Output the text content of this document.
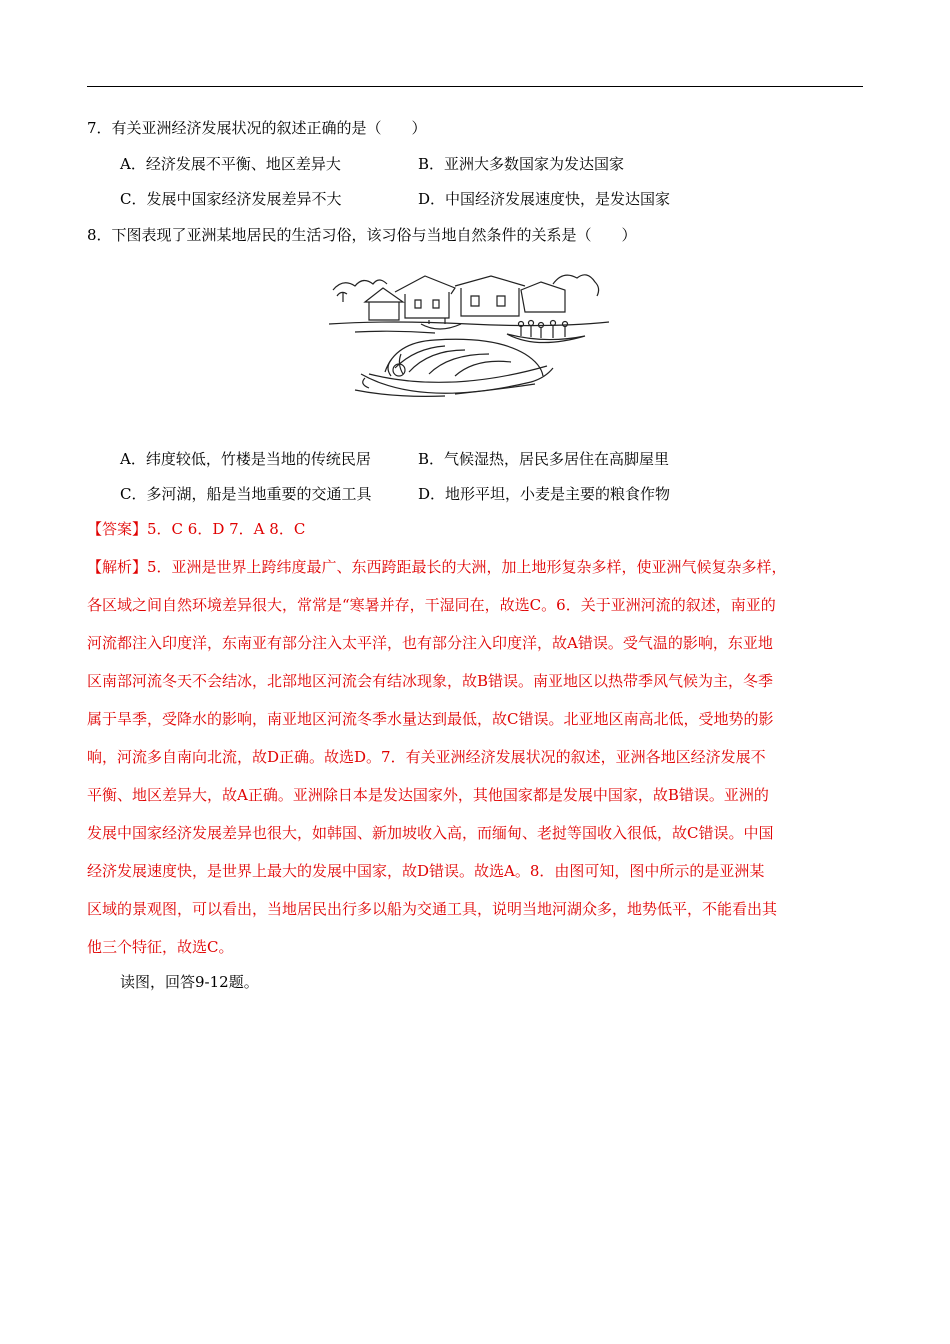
7．有关亚洲经济发展状况的叙述正确的是（　　）
A．经济发展不平衡、地区差异大	B．亚洲大多数国家为发达国家
C．发展中国家经济发展差异不大	D．中国经济发展速度快，是发达国家
8．下图表现了亚洲某地居民的生活习俗，该习俗与当地自然条件的关系是（　　）
A．纬度较低，竹楼是当地的传统民居	B．气候湿热，居民多居住在高脚屋里
C．多河湖，船是当地重要的交通工具	D．地形平坦，小麦是主要的粮食作物
【答案】5．C 6．D 7．A 8．C
【解析】5．亚洲是世界上跨纬度最广、东西跨距最长的大洲，加上地形复杂多样，使亚洲气候复杂多样，
各区域之间自然环境差异很大，常常是“寒暑并存，干湿同在，故选C。6．关于亚洲河流的叙述，南亚的
河流都注入印度洋，东南亚有部分注入太平洋，也有部分注入印度洋，故A错误。受气温的影响，东亚地
区南部河流冬天不会结冰，北部地区河流会有结冰现象，故B错误。南亚地区以热带季风气候为主，冬季
属于旱季，受降水的影响，南亚地区河流冬季水量达到最低，故C错误。北亚地区南高北低，受地势的影
响，河流多自南向北流，故D正确。故选D。7．有关亚洲经济发展状况的叙述，亚洲各地区经济发展不
平衡、地区差异大，故A正确。亚洲除日本是发达国家外，其他国家都是发展中国家，故B错误。亚洲的
发展中国家经济发展差异也很大，如韩国、新加坡收入高，而缅甸、老挝等国收入很低，故C错误。中国
经济发展速度快，是世界上最大的发展中国家，故D错误。故选A。8．由图可知，图中所示的是亚洲某
区域的景观图，可以看出，当地居民出行多以船为交通工具，说明当地河湖众多，地势低平，不能看出其
他三个特征，故选C。
读图，回答9-12题。
